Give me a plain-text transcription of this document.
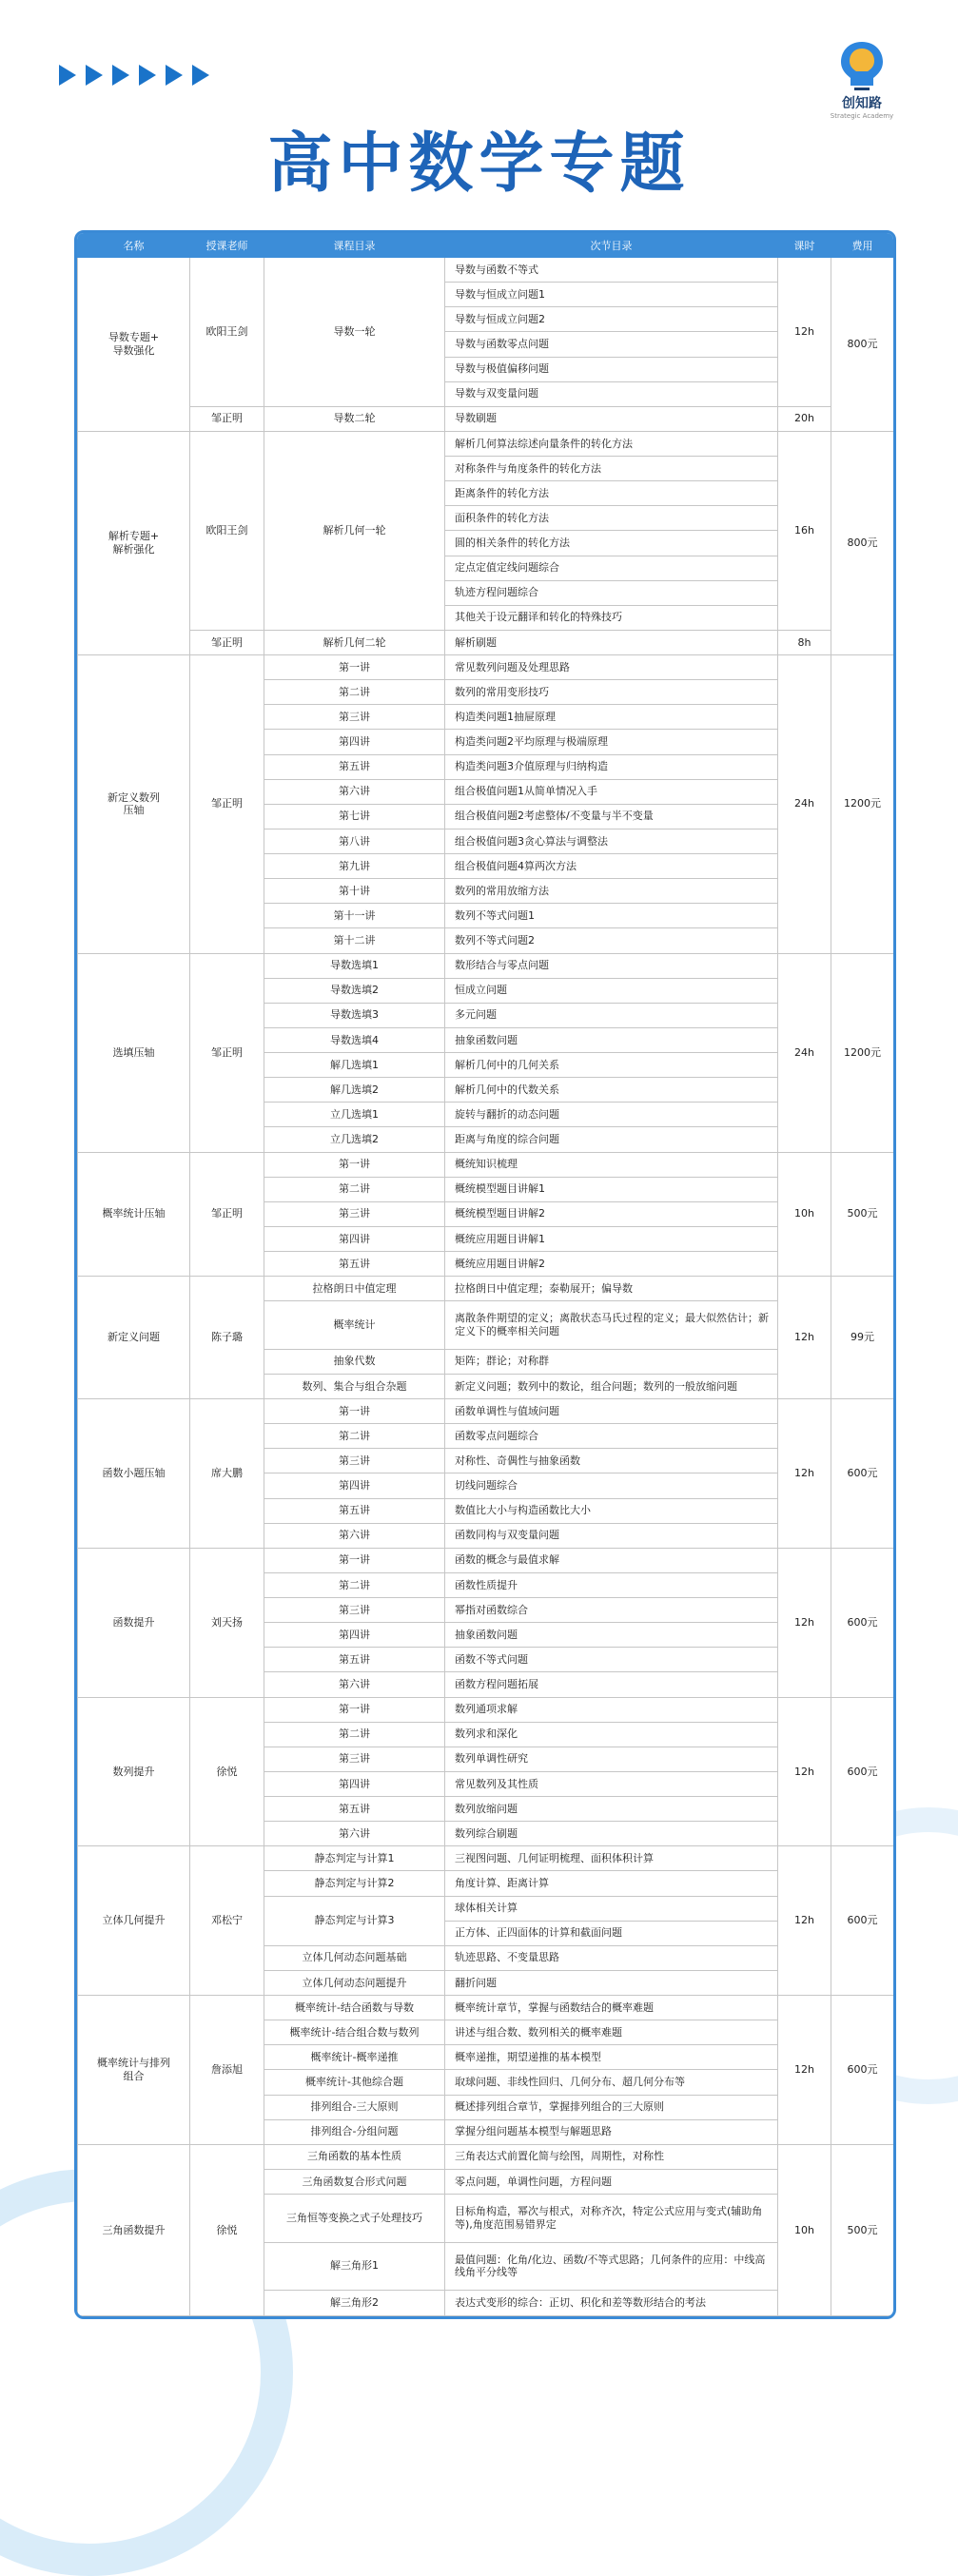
创知路
Strategic Academy
高中数学专题
名称	授课老师	课程目录	次节目录	课时	费用
导数专题+
导数强化	欧阳王剑	导数一轮	导数与函数不等式	12h	800元
			导数与恒成立问题1		
			导数与恒成立问题2		
			导数与函数零点问题		
			导数与极值偏移问题		
			导数与双变量问题		
	邹正明	导数二轮	导数刷题	20h	
解析专题+
解析强化	欧阳王剑	解析几何一轮	解析几何算法综述向量条件的转化方法	16h	800元
			对称条件与角度条件的转化方法		
			距离条件的转化方法		
			面积条件的转化方法		
			圆的相关条件的转化方法		
			定点定值定线问题综合		
			轨迹方程问题综合		
			其他关于设元翻译和转化的特殊技巧		
	邹正明	解析几何二轮	解析刷题	8h	
新定义数列
压轴	邹正明	第一讲	常见数列问题及处理思路	24h	1200元
		第二讲	数列的常用变形技巧		
		第三讲	构造类问题1抽屉原理		
		第四讲	构造类问题2平均原理与极端原理		
		第五讲	构造类问题3介值原理与归纳构造		
		第六讲	组合极值问题1从简单情况入手		
		第七讲	组合极值问题2考虑整体/不变量与半不变量		
		第八讲	组合极值问题3贪心算法与调整法		
		第九讲	组合极值问题4算两次方法		
		第十讲	数列的常用放缩方法		
		第十一讲	数列不等式问题1		
		第十二讲	数列不等式问题2		
选填压轴	邹正明	导数选填1	数形结合与零点问题	24h	1200元
		导数选填2	恒成立问题		
		导数选填3	多元问题		
		导数选填4	抽象函数问题		
		解几选填1	解析几何中的几何关系		
		解几选填2	解析几何中的代数关系		
		立几选填1	旋转与翻折的动态问题		
		立几选填2	距离与角度的综合问题		
概率统计压轴	邹正明	第一讲	概统知识梳理	10h	500元
		第二讲	概统模型题目讲解1		
		第三讲	概统模型题目讲解2		
		第四讲	概统应用题目讲解1		
		第五讲	概统应用题目讲解2		
新定义问题	陈子璐	拉格朗日中值定理	拉格朗日中值定理；泰勒展开；偏导数	12h	99元
		概率统计	离散条件期望的定义；离散状态马氏过程的定义；最大似然估计；新定义下的概率相关问题		
		抽象代数	矩阵；群论；对称群		
		数列、集合与组合杂题	新定义问题；数列中的数论，组合问题；数列的一般放缩问题		
函数小题压轴	席大鹏	第一讲	函数单调性与值域问题	12h	600元
		第二讲	函数零点问题综合		
		第三讲	对称性、奇偶性与抽象函数		
		第四讲	切线问题综合		
		第五讲	数值比大小与构造函数比大小		
		第六讲	函数同构与双变量问题		
函数提升	刘天扬	第一讲	函数的概念与最值求解	12h	600元
		第二讲	函数性质提升		
		第三讲	幂指对函数综合		
		第四讲	抽象函数问题		
		第五讲	函数不等式问题		
		第六讲	函数方程问题拓展		
数列提升	徐悦	第一讲	数列通项求解	12h	600元
		第二讲	数列求和深化		
		第三讲	数列单调性研究		
		第四讲	常见数列及其性质		
		第五讲	数列放缩问题		
		第六讲	数列综合刷题		
立体几何提升	邓松宁	静态判定与计算1	三视图问题、几何证明梳理、面积体积计算	12h	600元
		静态判定与计算2	角度计算、距离计算		
		静态判定与计算3	球体相关计算		
			正方体、正四面体的计算和截面问题		
		立体几何动态问题基础	轨迹思路、不变量思路		
		立体几何动态问题提升	翻折问题		
概率统计与排列
组合	詹添旭	概率统计-结合函数与导数	概率统计章节，掌握与函数结合的概率难题	12h	600元
		概率统计-结合组合数与数列	讲述与组合数、数列相关的概率难题		
		概率统计-概率递推	概率递推，期望递推的基本模型		
		概率统计-其他综合题	取球问题、非线性回归、几何分布、超几何分布等		
		排列组合-三大原则	概述排列组合章节，掌握排列组合的三大原则		
		排列组合-分组问题	掌握分组问题基本模型与解题思路		
三角函数提升	徐悦	三角函数的基本性质	三角表达式前置化简与绘图，周期性，对称性	10h	500元
		三角函数复合形式问题	零点问题，单调性问题，方程问题		
		三角恒等变换之式子处理技巧	目标角构造，幂次与根式，对称齐次，特定公式应用与变式(辅助角等),角度范围易错界定		
		解三角形1	最值问题：化角/化边、函数/不等式思路；几何条件的应用：中线高线角平分线等		
		解三角形2	表达式变形的综合：正切、积化和差等数形结合的考法		
